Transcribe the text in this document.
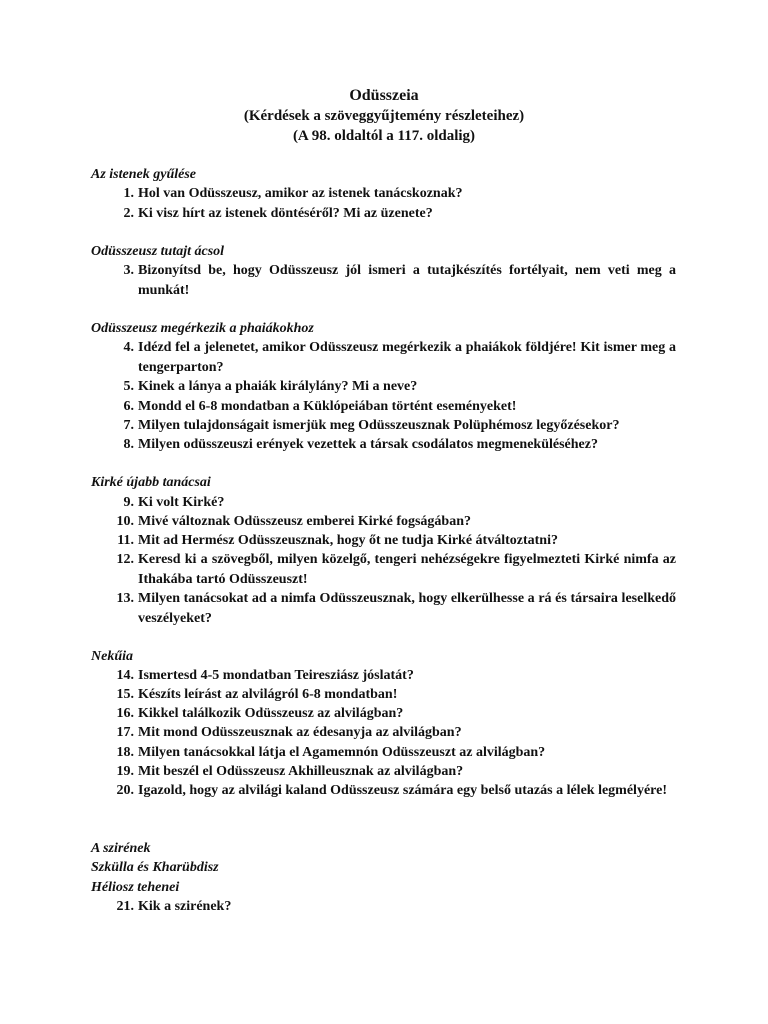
Odüsszeia
(Kérdések a szöveggyűjtemény részleteihez)
(A 98. oldaltól a 117. oldalig)
Az istenek gyűlése
1. Hol van Odüsszeusz, amikor az istenek tanácskoznak?
2. Ki visz hírt az istenek döntéséről? Mi az üzenete?
Odüsszeusz tutajt ácsol
3. Bizonyítsd be, hogy Odüsszeusz jól ismeri a tutajkészítés fortélyait, nem veti meg a munkát!
Odüsszeusz megérkezik a phaiákokhoz
4. Idézd fel a jelenetet, amikor Odüsszeusz megérkezik a phaiákok földjére! Kit ismer meg a tengerparton?
5. Kinek a lánya a phaiák királylány? Mi a neve?
6. Mondd el 6-8 mondatban a Küklópeiában történt eseményeket!
7. Milyen tulajdonságait ismerjük meg Odüsszeusznak Polüphémosz legyőzésekor?
8. Milyen odüsszeuszi erények vezettek a társak csodálatos megmeneküléséhez?
Kirké újabb tanácsai
9. Ki volt Kirké?
10. Mivé változnak Odüsszeusz emberei Kirké fogságában?
11. Mit ad Hermész Odüsszeusznak, hogy őt ne tudja Kirké átváltoztatni?
12. Keresd ki a szövegből, milyen közelgő, tengeri nehézségekre figyelmezteti Kirké nimfa az Ithakába tartó Odüsszeuszt!
13. Milyen tanácsokat ad a nimfa Odüsszeusznak, hogy elkerülhesse a rá és társaira leselkedő veszélyeket?
Nekűia
14. Ismertesd 4-5 mondatban Teiresziász jóslatát?
15. Készíts leírást az alvilágról 6-8 mondatban!
16. Kikkel találkozik Odüsszeusz az alvilágban?
17. Mit mond Odüsszeusznak az édesanyja az alvilágban?
18. Milyen tanácsokkal látja el Agamemnón Odüsszeuszt az alvilágban?
19. Mit beszél el Odüsszeusz Akhilleusznak az alvilágban?
20. Igazold, hogy az alvilági kaland Odüsszeusz számára egy belső utazás a lélek legmélyére!
A szirének
Szkülla és Kharübdisz
Héliosz tehenei
21. Kik a szirének?
